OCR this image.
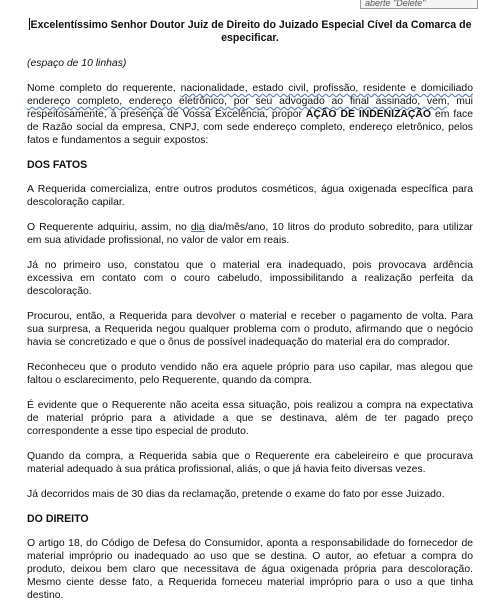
aberte "Delete"
Excelentíssimo Senhor Doutor Juiz de Direito do Juizado Especial Cível da Comarca de especificar.
(espaço de 10 linhas)

Nome completo do requerente, nacionalidade, estado civil, profissão, residente e domiciliado endereço completo, endereço eletrônico, por seu advogado ao final assinado, vem, mui respeitosamente, à presença de Vossa Excelência, propor AÇÃO DE INDENIZAÇÃO em face de Razão social da empresa, CNPJ, com sede endereço completo, endereço eletrônico, pelos fatos e fundamentos a seguir expostos:

DOS FATOS

A Requerida comercializa, entre outros produtos cosméticos, água oxigenada específica para descoloração capilar.

O Requerente adquiriu, assim, no dia dia/mês/ano, 10 litros do produto sobredito, para utilizar em sua atividade profissional, no valor de valor em reais.

Já no primeiro uso, constatou que o material era inadequado, pois provocava ardência excessiva em contato com o couro cabeludo, impossibilitando a realização perfeita da descoloração.

Procurou, então, a Requerida para devolver o material e receber o pagamento de volta. Para sua surpresa, a Requerida negou qualquer problema com o produto, afirmando que o negócio havia se concretizado e que o ônus de possível inadequação do material era do comprador.

Reconheceu que o produto vendido não era aquele próprio para uso capilar, mas alegou que faltou o esclarecimento, pelo Requerente, quando da compra.

É evidente que o Requerente não aceita essa situação, pois realizou a compra na expectativa de material próprio para a atividade a que se destinava, além de ter pagado preço correspondente a esse tipo especial de produto.

Quando da compra, a Requerida sabia que o Requerente era cabeleireiro e que procurava material adequado à sua prática profissional, aliás, o que já havia feito diversas vezes.

Já decorridos mais de 30 dias da reclamação, pretende o exame do fato por esse Juizado.

DO DIREITO

O artigo 18, do Código de Defesa do Consumidor, aponta a responsabilidade do fornecedor de material impróprio ou inadequado ao uso que se destina. O autor, ao efetuar a compra do produto, deixou bem claro que necessitava de água oxigenada própria para descoloração. Mesmo ciente desse fato, a Requerida forneceu material impróprio para o uso a que tinha destino.
